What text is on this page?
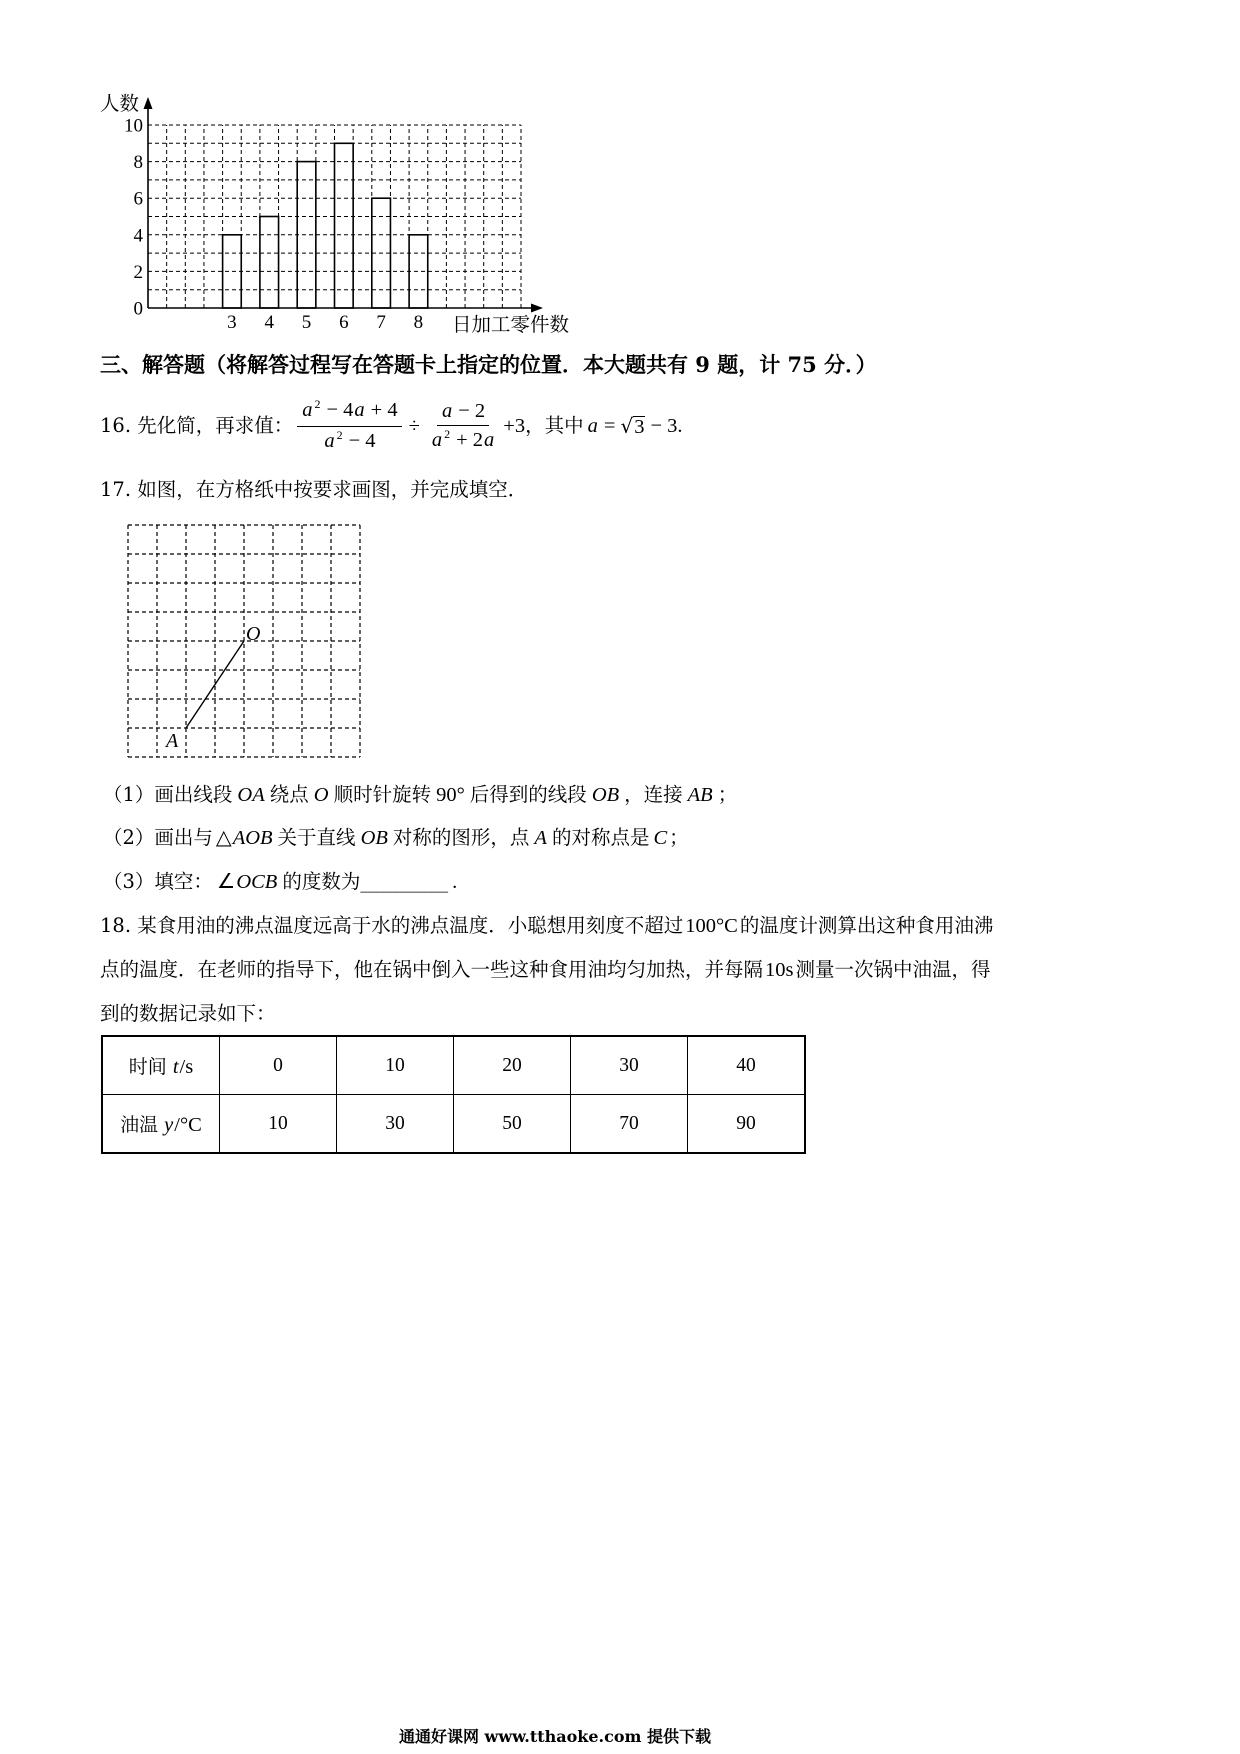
0
2
4
6
8
10
3 4 5 6 7 8
人数
日加工零件数
三、解答题（将解答过程写在答题卡上指定的位置．本大题共有 9 题，计 75 分．）
16. 先化简，再求值： $\frac{a ^2 - 4a + 4}{a ^2 - 4} \div \frac{a - 2}{a ^2 + 2a} +3$ ，其中 a = √ 3 − 3 .
17. 如图，在方格纸中按要求画图，并完成填空．
O
A
（1）画出线段 OA 绕点 O 顺时针旋转 90° 后得到的线段 OB ，连接 AB ；
（2）画出与 △AOB 关于直线 OB 对称的图形，点 A 的对称点是 C ；
（3）填空： ∠OCB 的度数为_________ .
18. 某食用油的沸点温度远高于水的沸点温度．小聪想用刻度不超过100°C 的温度计测算出这种食用油沸
点的温度．在老师的指导下，他在锅中倒入一些这种食用油均匀加热，并每隔10s 测量一次锅中油温，得
到的数据记录如下：
时间 t/s	0	10	20	30	40
油温 y/°C	10	30	50	70	90
通通好课网 www.tthaoke.com 提供下载
